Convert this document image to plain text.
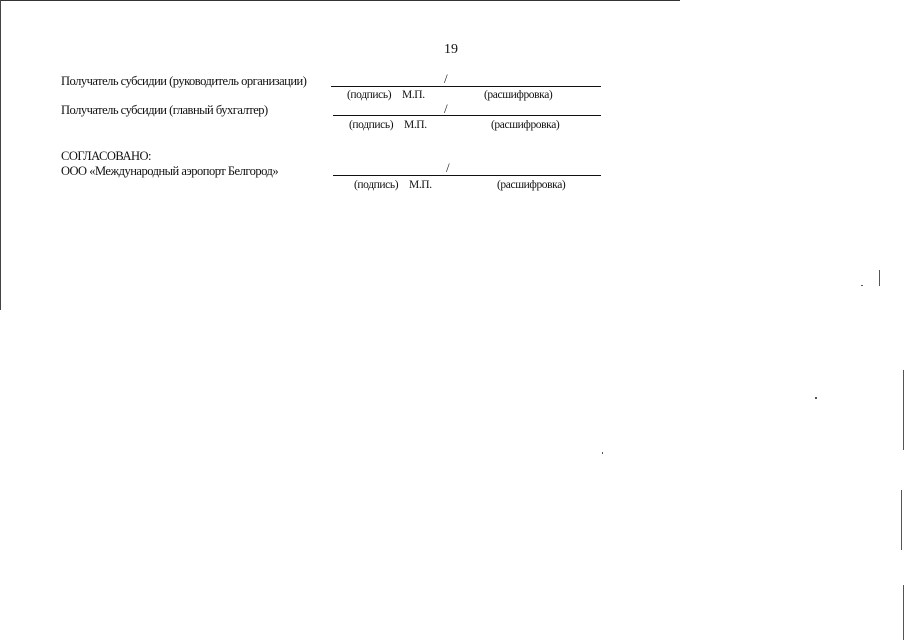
19
Получатель субсидии (руководитель организации)	/
(подпись) М.П.	(расшифровка)
Получатель субсидии (главный бухгалтер)	/
(подпись) М.П.	(расшифровка)
СОГЛАСОВАНО:
ООО «Международный аэропорт Белгород»	/
(подпись) М.П.	(расшифровка)
